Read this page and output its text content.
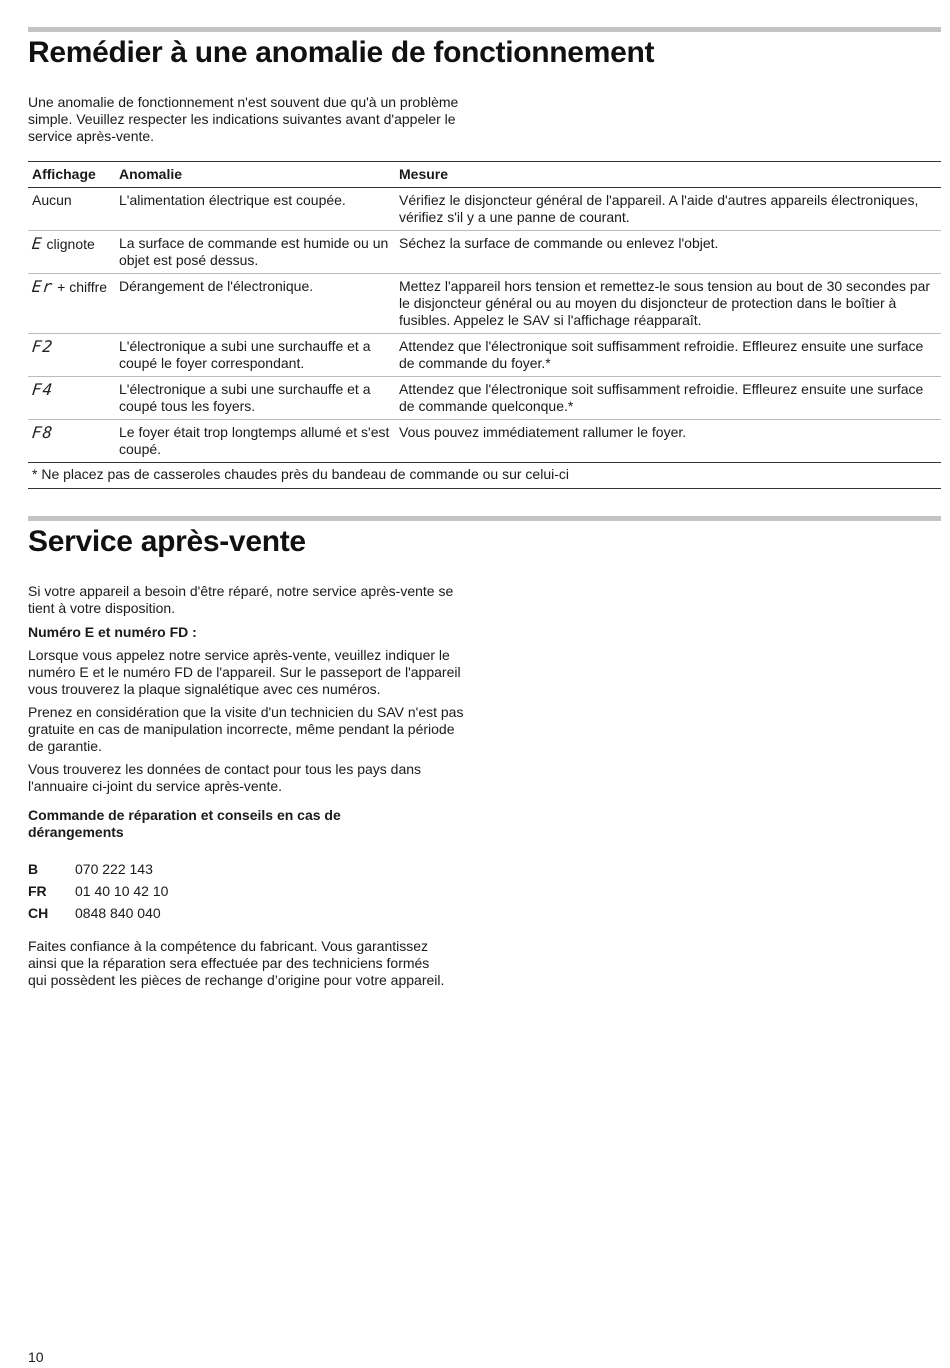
Remédier à une anomalie de fonctionnement

Une anomalie de fonctionnement n'est souvent due qu'à un problème simple. Veuillez respecter les indications suivantes avant d'appeler le service après-vente.

Affichage	Anomalie	Mesure
Aucun	L'alimentation électrique est coupée.	Vérifiez le disjoncteur général de l'appareil. A l'aide d'autres appareils électroniques, vérifiez s'il y a une panne de courant.
E clignote	La surface de commande est humide ou un objet est posé dessus.	Séchez la surface de commande ou enlevez l'objet.
Er + chiffre	Dérangement de l'électronique.	Mettez l'appareil hors tension et remettez-le sous tension au bout de 30 secondes par le disjoncteur général ou au moyen du disjoncteur de protection dans le boîtier à fusibles. Appelez le SAV si l'affichage réapparaît.
F2	L'électronique a subi une surchauffe et a coupé le foyer correspondant.	Attendez que l'électronique soit suffisamment refroidie. Effleurez ensuite une surface de commande du foyer.*
F4	L'électronique a subi une surchauffe et a coupé tous les foyers.	Attendez que l'électronique soit suffisamment refroidie. Effleurez ensuite une surface de commande quelconque.*
F8	Le foyer était trop longtemps allumé et s'est coupé.	Vous pouvez immédiatement rallumer le foyer.
* Ne placez pas de casseroles chaudes près du bandeau de commande ou sur celui-ci		
Service après-vente

Si votre appareil a besoin d'être réparé, notre service après-vente se tient à votre disposition.

Numéro E et numéro FD :

Lorsque vous appelez notre service après-vente, veuillez indiquer le numéro E et le numéro FD de l'appareil. Sur le passeport de l'appareil vous trouverez la plaque signalétique avec ces numéros.

Prenez en considération que la visite d'un technicien du SAV n'est pas gratuite en cas de manipulation incorrecte, même pendant la période de garantie.

Vous trouverez les données de contact pour tous les pays dans l'annuaire ci-joint du service après-vente.

Commande de réparation et conseils en cas de dérangements

B	070 222 143
FR	01 40 10 42 10
CH	0848 840 040

Faites confiance à la compétence du fabricant. Vous garantissez ainsi que la réparation sera effectuée par des techniciens formés qui possèdent les pièces de rechange d’origine pour votre appareil.

10
